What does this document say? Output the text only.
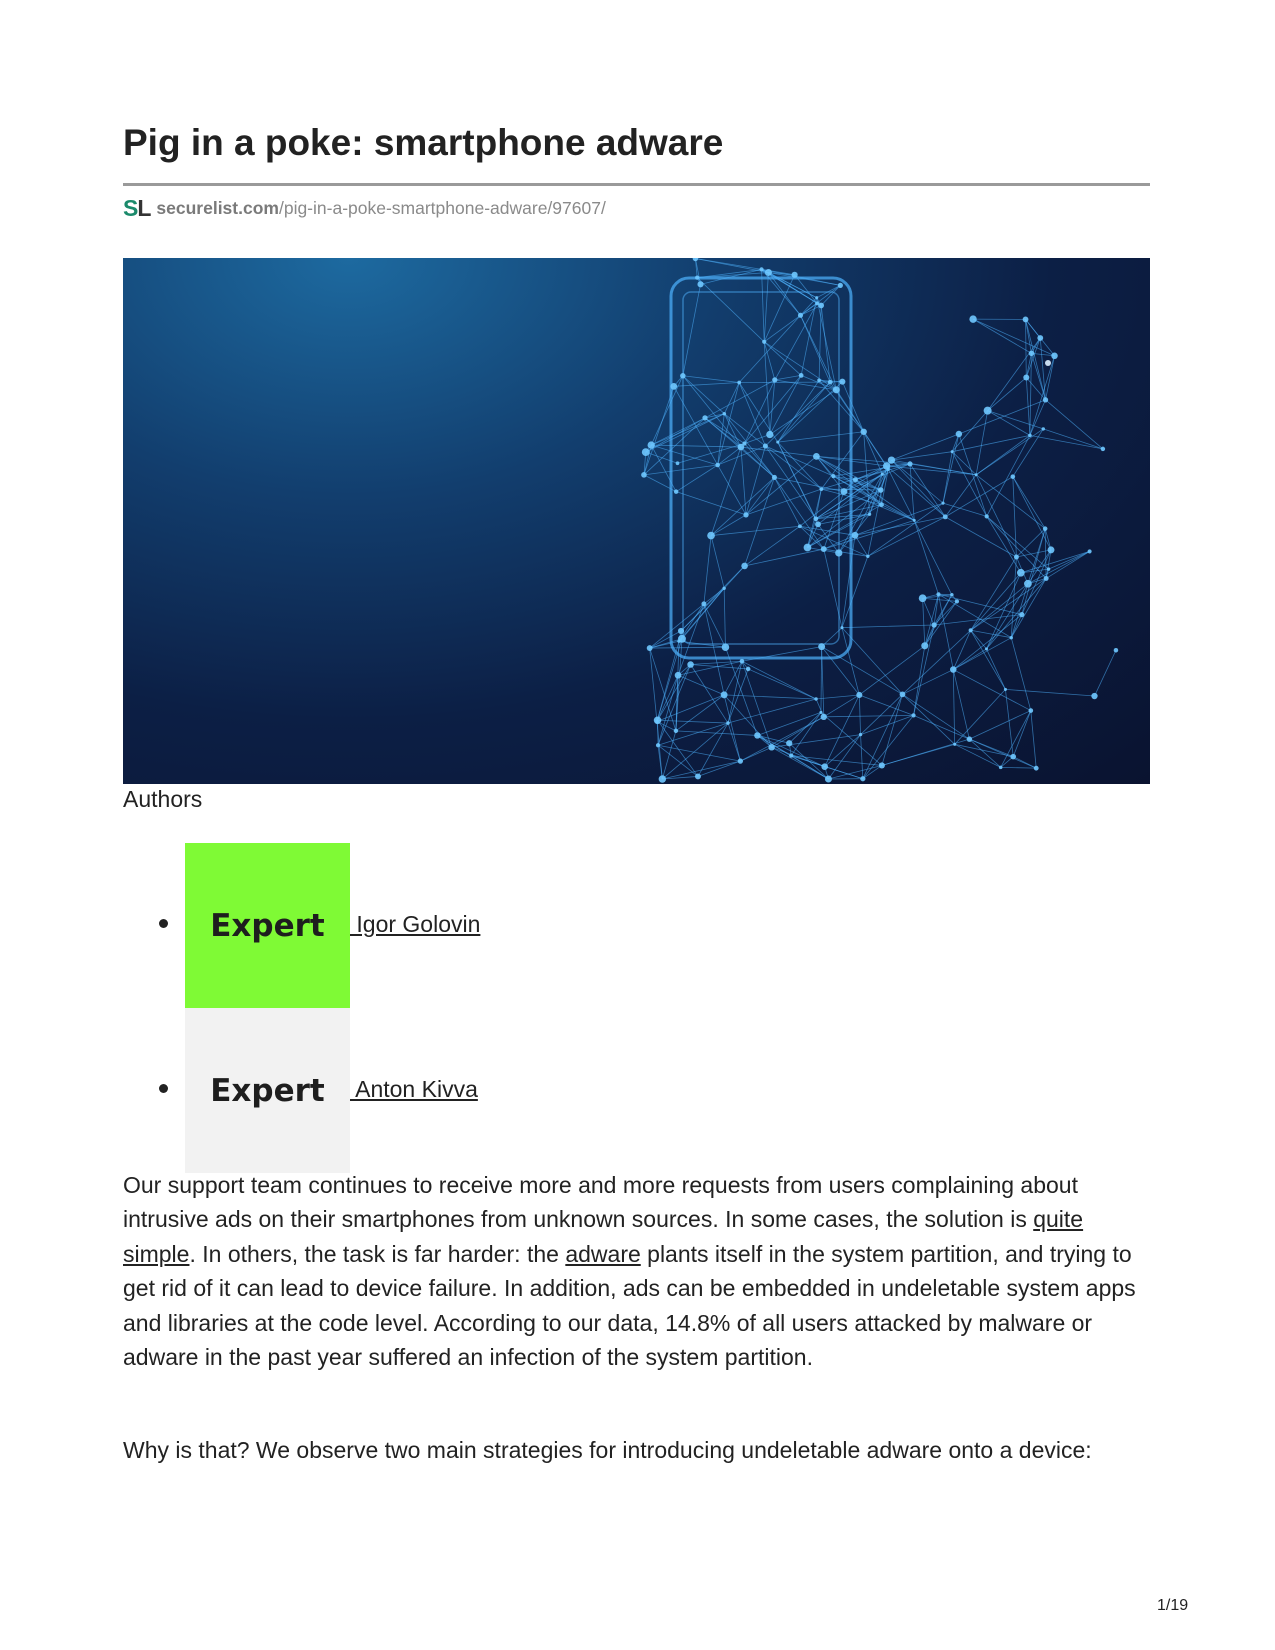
Pig in a poke: smartphone adware
SL securelist.com/pig-in-a-poke-smartphone-adware/97607/
Authors
Expert	Igor Golovin
Expert	Anton Kivva

Our support team continues to receive more and more requests from users complaining about intrusive ads on their smartphones from unknown sources. In some cases, the solution is quite simple. In others, the task is far harder: the adware plants itself in the system partition, and trying to get rid of it can lead to device failure. In addition, ads can be embedded in undeletable system apps and libraries at the code level. According to our data, 14.8% of all users attacked by malware or adware in the past year suffered an infection of the system partition.

Why is that? We observe two main strategies for introducing undeletable adware onto a device:

1/19
